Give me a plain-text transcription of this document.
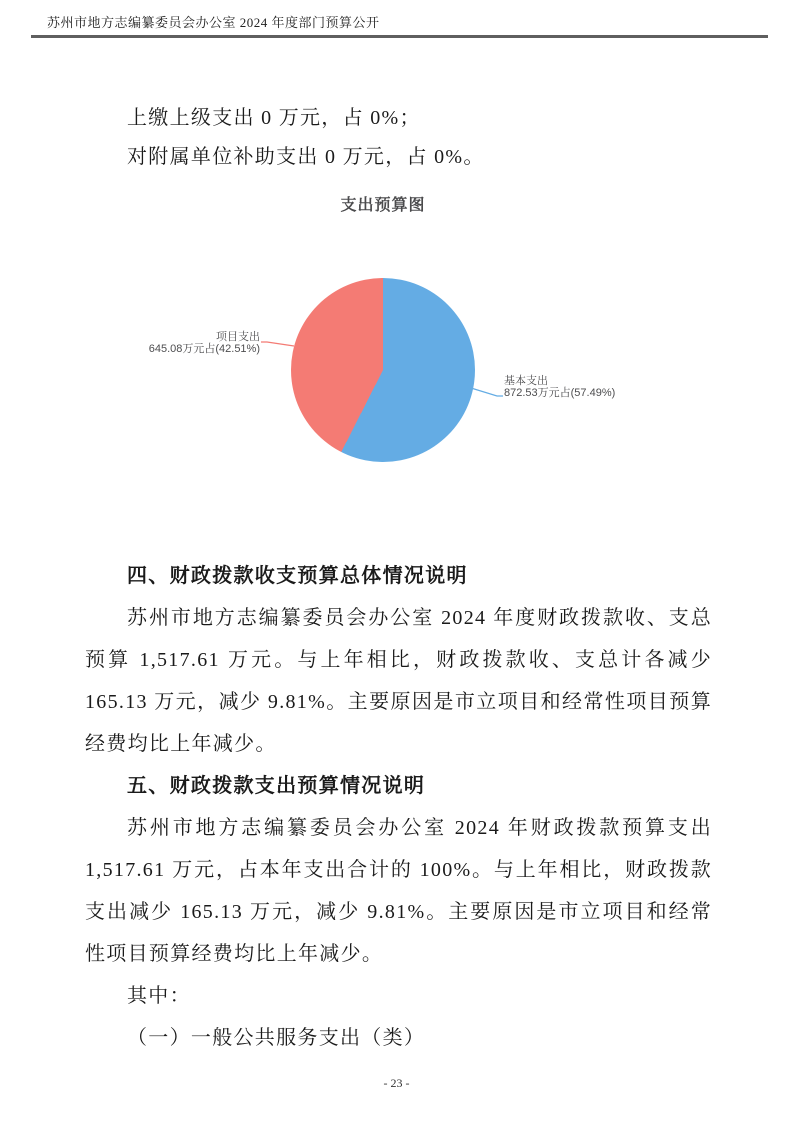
苏州市地方志编纂委员会办公室 2024 年度部门预算公开

上缴上级支出 0 万元，占 0%；

对附属单位补助支出 0 万元，占 0%。

支出预算图
项目支出
645.08万元占(42.51%)
基本支出
872.53万元占(57.49%)
四、财政拨款收支预算总体情况说明

苏州市地方志编纂委员会办公室 2024 年度财政拨款收、支总预算 1,517.61 万元。与上年相比，财政拨款收、支总计各减少 165.13 万元，减少 9.81%。主要原因是市立项目和经常性项目预算经费均比上年减少。

五、财政拨款支出预算情况说明

苏州市地方志编纂委员会办公室 2024 年财政拨款预算支出 1,517.61 万元，占本年支出合计的 100%。与上年相比，财政拨款支出减少 165.13 万元，减少 9.81%。主要原因是市立项目和经常性项目预算经费均比上年减少。

其中：

（一）一般公共服务支出（类）

- 23 -
